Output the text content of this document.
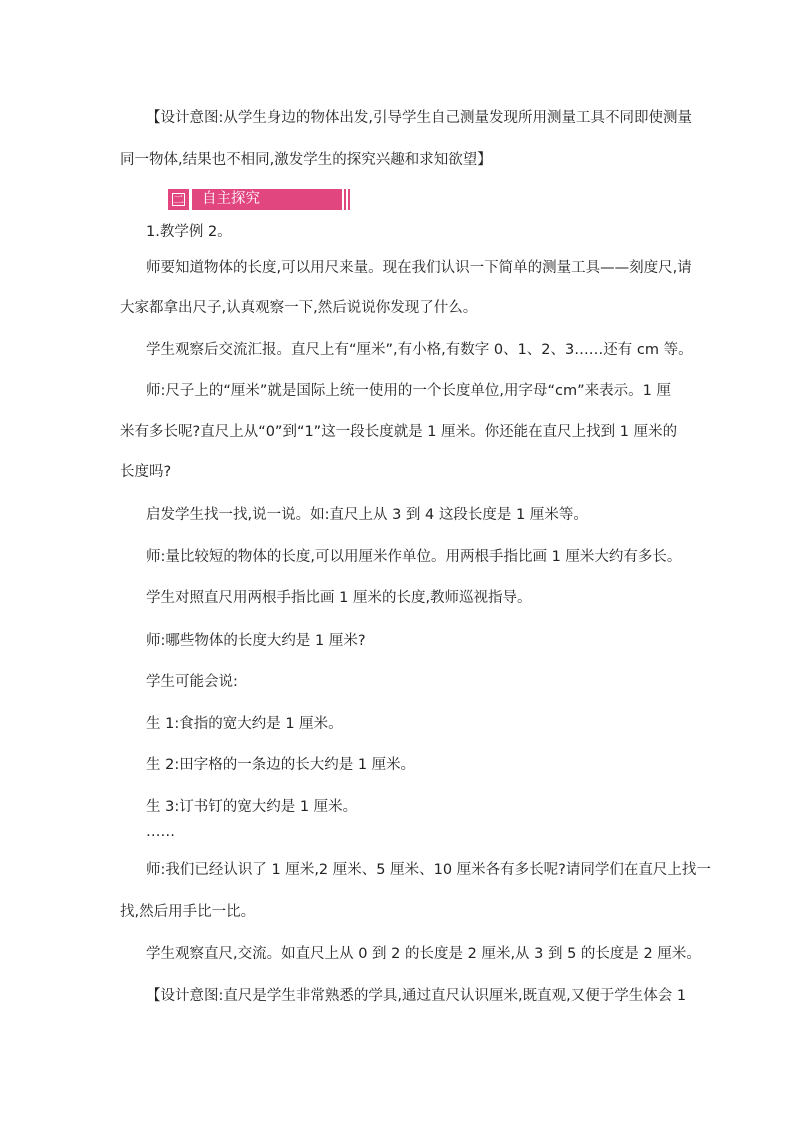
【设计意图:从学生身边的物体出发,引导学生自己测量发现所用测量工具不同即使测量
同一物体,结果也不相同,激发学生的探究兴趣和求知欲望】
二	自主探究
1.教学例 2。
师要知道物体的长度,可以用尺来量。现在我们认识一下简单的测量工具——刻度尺,请
大家都拿出尺子,认真观察一下,然后说说你发现了什么。
学生观察后交流汇报。直尺上有“厘米”,有小格,有数字 0、1、2、3……还有 cm 等。
师:尺子上的“厘米”就是国际上统一使用的一个长度单位,用字母“cm”来表示。1 厘
米有多长呢?直尺上从“0”到“1”这一段长度就是 1 厘米。你还能在直尺上找到 1 厘米的
长度吗?
启发学生找一找,说一说。如:直尺上从 3 到 4 这段长度是 1 厘米等。
师:量比较短的物体的长度,可以用厘米作单位。用两根手指比画 1 厘米大约有多长。
学生对照直尺用两根手指比画 1 厘米的长度,教师巡视指导。
师:哪些物体的长度大约是 1 厘米?
学生可能会说:
生 1:食指的宽大约是 1 厘米。
生 2:田字格的一条边的长大约是 1 厘米。
生 3:订书钉的宽大约是 1 厘米。
……
师:我们已经认识了 1 厘米,2 厘米、5 厘米、10 厘米各有多长呢?请同学们在直尺上找一
找,然后用手比一比。
学生观察直尺,交流。如直尺上从 0 到 2 的长度是 2 厘米,从 3 到 5 的长度是 2 厘米。
【设计意图:直尺是学生非常熟悉的学具,通过直尺认识厘米,既直观,又便于学生体会 1
